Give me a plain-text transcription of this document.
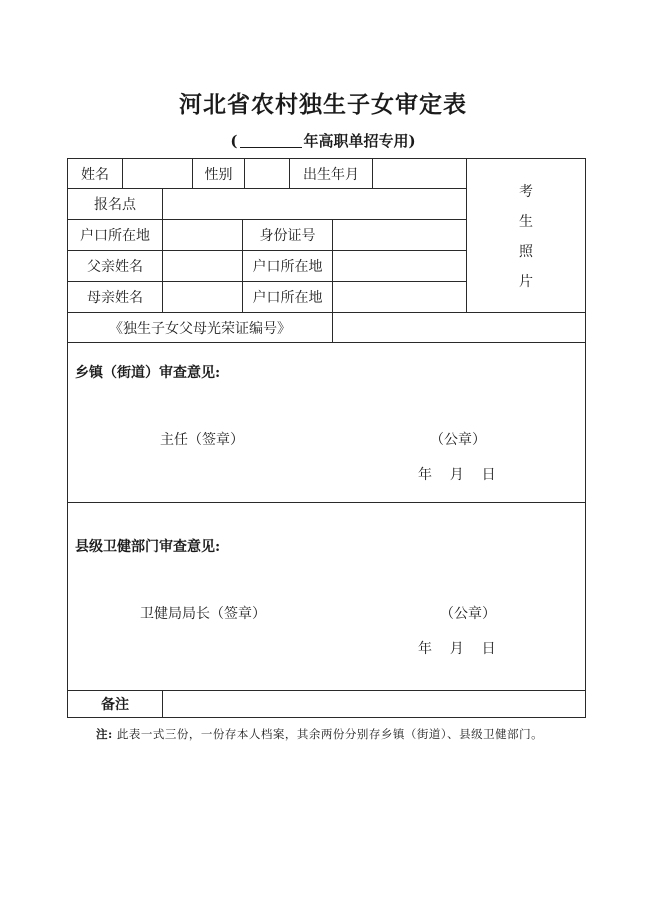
河北省农村独生子女审定表
(	年高职单招专用)
姓名	性别	出生年月
报名点
户口所在地	身份证号
父亲姓名	户口所在地
母亲姓名	户口所在地
《独生子女父母光荣证编号》
考
生
照
片
乡镇（街道）审查意见:
主任（签章）	（公章）
年    月    日
县级卫健部门审查意见:
卫健局局长（签章）	（公章）
年    月    日
备注
注: 此表一式三份，一份存本人档案，其余两份分别存乡镇（街道）、县级卫健部门。
